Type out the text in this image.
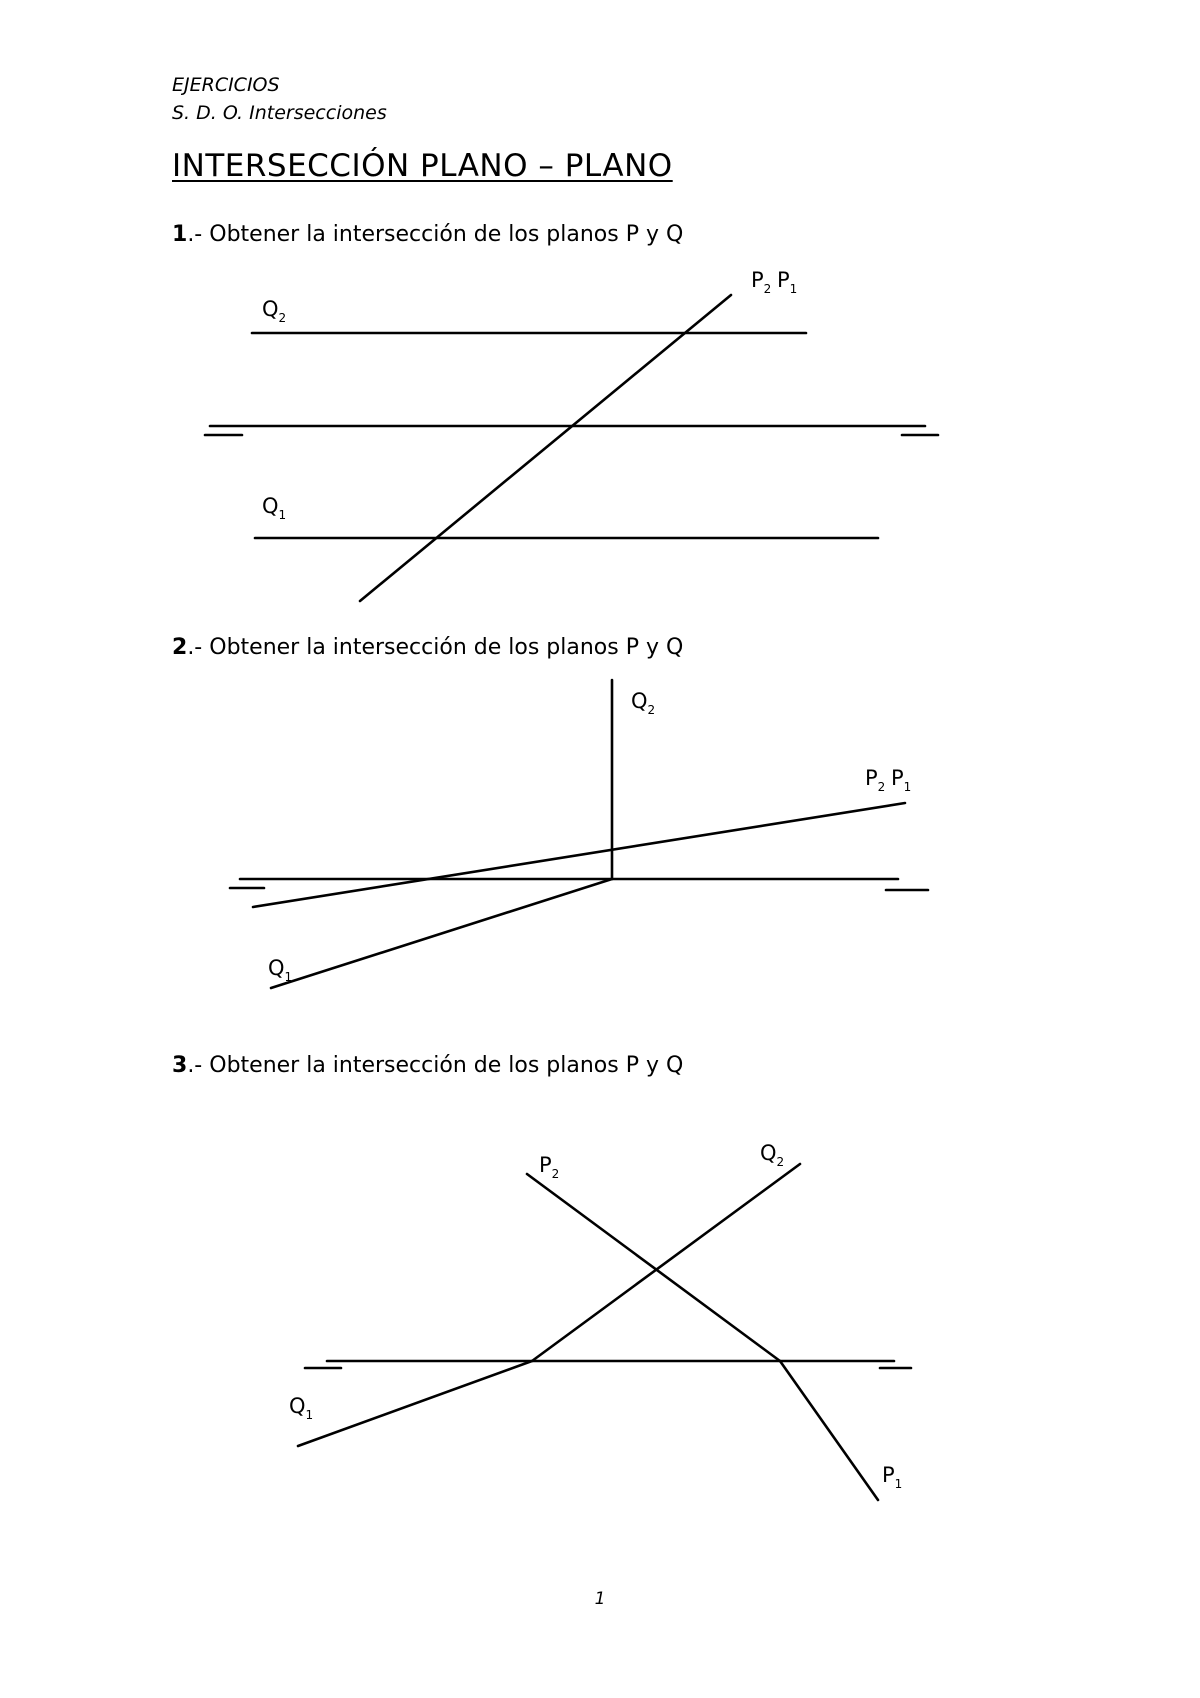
EJERCICIOS
S. D. O. Intersecciones
INTERSECCIÓN PLANO – PLANO
1.- Obtener la intersección de los planos P y Q
$Q_2$
$Q_1$
$P_2$ $P_1$
2.- Obtener la intersección de los planos P y Q
$Q_2$
$P_2$ $P_1$
$Q_1$
3.- Obtener la intersección de los planos P y Q
$P_2$
$Q_2$
$Q_1$
$P_1$
1
